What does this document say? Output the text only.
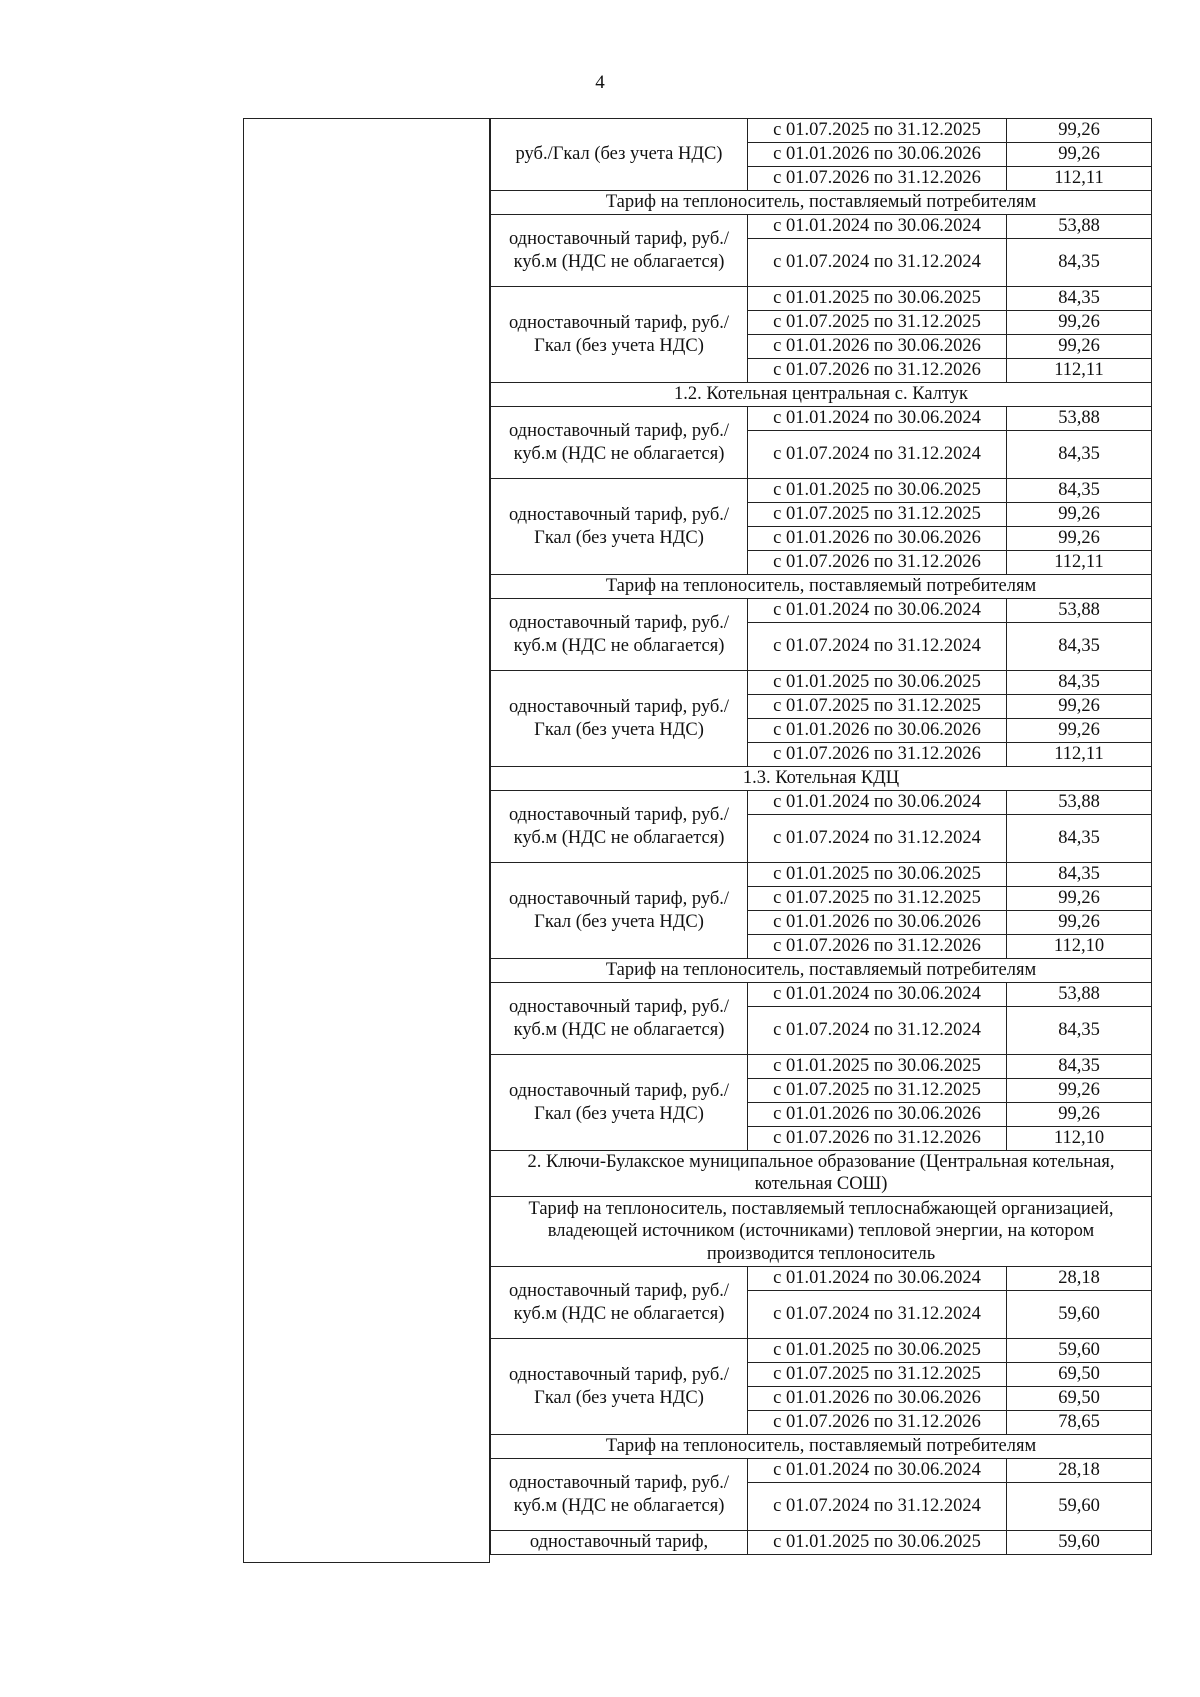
4
руб./Гкал (без учета НДС)	с 01.07.2025 по 31.12.2025	99,26
	с 01.01.2026 по 30.06.2026	99,26
	с 01.07.2026 по 31.12.2026	112,11
Тариф на теплоноситель, поставляемый потребителям		
одноставочный тариф, руб./куб.м (НДС не облагается)	с 01.01.2024 по 30.06.2024	53,88
	с 01.07.2024 по 31.12.2024	84,35
одноставочный тариф, руб./Гкал (без учета НДС)	с 01.01.2025 по 30.06.2025	84,35
	с 01.07.2025 по 31.12.2025	99,26
	с 01.01.2026 по 30.06.2026	99,26
	с 01.07.2026 по 31.12.2026	112,11
1.2. Котельная центральная с. Калтук		
одноставочный тариф, руб./куб.м (НДС не облагается)	с 01.01.2024 по 30.06.2024	53,88
	с 01.07.2024 по 31.12.2024	84,35
одноставочный тариф, руб./Гкал (без учета НДС)	с 01.01.2025 по 30.06.2025	84,35
	с 01.07.2025 по 31.12.2025	99,26
	с 01.01.2026 по 30.06.2026	99,26
	с 01.07.2026 по 31.12.2026	112,11
Тариф на теплоноситель, поставляемый потребителям		
одноставочный тариф, руб./куб.м (НДС не облагается)	с 01.01.2024 по 30.06.2024	53,88
	с 01.07.2024 по 31.12.2024	84,35
одноставочный тариф, руб./Гкал (без учета НДС)	с 01.01.2025 по 30.06.2025	84,35
	с 01.07.2025 по 31.12.2025	99,26
	с 01.01.2026 по 30.06.2026	99,26
	с 01.07.2026 по 31.12.2026	112,11
1.3. Котельная КДЦ		
одноставочный тариф, руб./куб.м (НДС не облагается)	с 01.01.2024 по 30.06.2024	53,88
	с 01.07.2024 по 31.12.2024	84,35
одноставочный тариф, руб./Гкал (без учета НДС)	с 01.01.2025 по 30.06.2025	84,35
	с 01.07.2025 по 31.12.2025	99,26
	с 01.01.2026 по 30.06.2026	99,26
	с 01.07.2026 по 31.12.2026	112,10
Тариф на теплоноситель, поставляемый потребителям		
одноставочный тариф, руб./куб.м (НДС не облагается)	с 01.01.2024 по 30.06.2024	53,88
	с 01.07.2024 по 31.12.2024	84,35
одноставочный тариф, руб./Гкал (без учета НДС)	с 01.01.2025 по 30.06.2025	84,35
	с 01.07.2025 по 31.12.2025	99,26
	с 01.01.2026 по 30.06.2026	99,26
	с 01.07.2026 по 31.12.2026	112,10
2. Ключи-Булакское муниципальное образование (Центральная котельная, котельная СОШ)		
Тариф на теплоноситель, поставляемый теплоснабжающей организацией, владеющей источником (источниками) тепловой энергии, на котором производится теплоноситель		
одноставочный тариф, руб./куб.м (НДС не облагается)	с 01.01.2024 по 30.06.2024	28,18
	с 01.07.2024 по 31.12.2024	59,60
одноставочный тариф, руб./Гкал (без учета НДС)	с 01.01.2025 по 30.06.2025	59,60
	с 01.07.2025 по 31.12.2025	69,50
	с 01.01.2026 по 30.06.2026	69,50
	с 01.07.2026 по 31.12.2026	78,65
Тариф на теплоноситель, поставляемый потребителям		
одноставочный тариф, руб./куб.м (НДС не облагается)	с 01.01.2024 по 30.06.2024	28,18
	с 01.07.2024 по 31.12.2024	59,60
одноставочный тариф,	с 01.01.2025 по 30.06.2025	59,60
